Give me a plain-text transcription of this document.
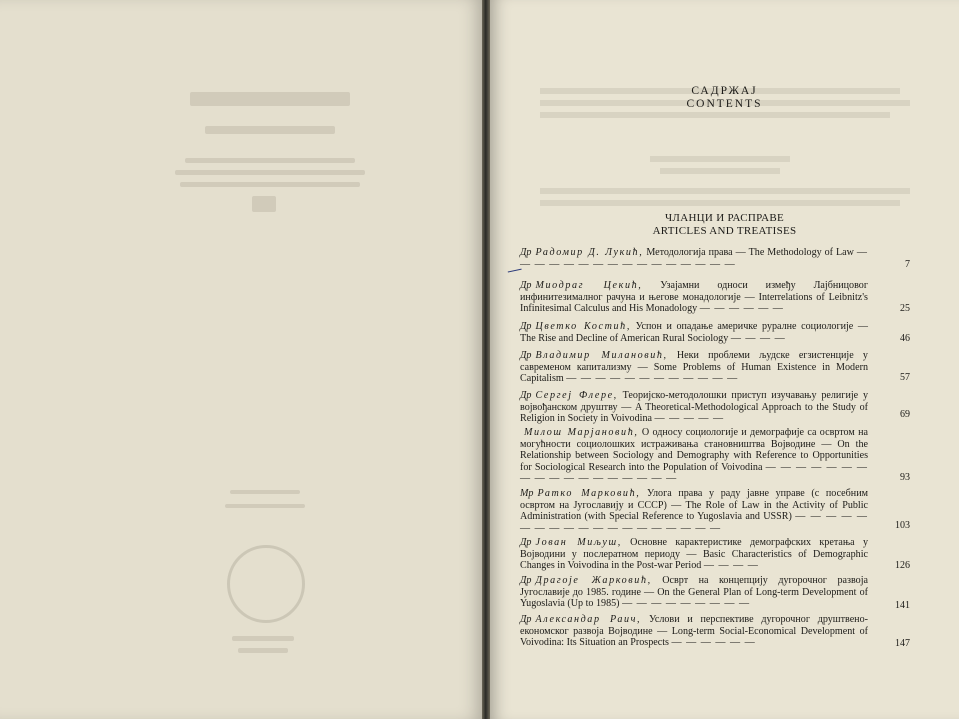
САДРЖАЈ
CONTENTS
ЧЛАНЦИ И РАСПРАВЕ
ARTICLES AND TREATISES
Др Радомир Д. Лукић, Методологија права — The Methodology of Law — — — — — — — — — — — — — — — —	7
Др Миодраг Цекић, Узајамни односи између Лајбницовог инфинитезималног рачуна и његове монадологије — Interrelations of Leibnitz's Infinitesimal Calculus and His Monadology — — — — — —	25
Др Цветко Костић, Успон и опадање америчке руралне социологије — The Rise and Decline of American Rural Sociology — — — —	46
Др Владимир Милановић, Неки проблеми људске егзистенције у савременом капитализму — Some Problems of Human Existence in Modern Capitalism — — — — — — — — — — — —	57
Др Сергеј Флере, Теоријско-методолошки приступ изучавању религије у војвођанском друштву — A Theoretical-Methodological Approach to the Study of Religion in Society in Voivodina — — — — —	69
Милош Марјановић, О односу социологије и демографије са освртом на могућности социолошких истраживања становништва Војводине — On the Relationship between Sociology and Demography with Reference to Opportunities for Sociological Research into the Population of Voivodina — — — — — — — — — — — — — — — — — —	93
Мр Ратко Марковић, Улога права у раду јавне управе (с посебним освртом на Југославију и СССР) — The Role of Law in the Activity of Public Administration (with Special Reference to Yugoslavia and USSR) — — — — — — — — — — — — — — — — — — —	103
Др Јован Миљуш, Основне карактеристике демографских кретања у Војводини у послератном периоду — Basic Characteristics of Demographic Changes in Voivodina in the Post-war Period — — — —	126
Др Драгоје Жарковић, Осврт на концепцију дугорочног развоја Југославије до 1985. године — On the General Plan of Long-term Development of Yugoslavia (Up to 1985) — — — — — — — — —	141
Др Александар Раич, Услови и перспективе дугорочног друштвено-економског развоја Војводине — Long-term Social-Economical Development of Voivodina: Its Situation an Prospects — — — — — —	147
